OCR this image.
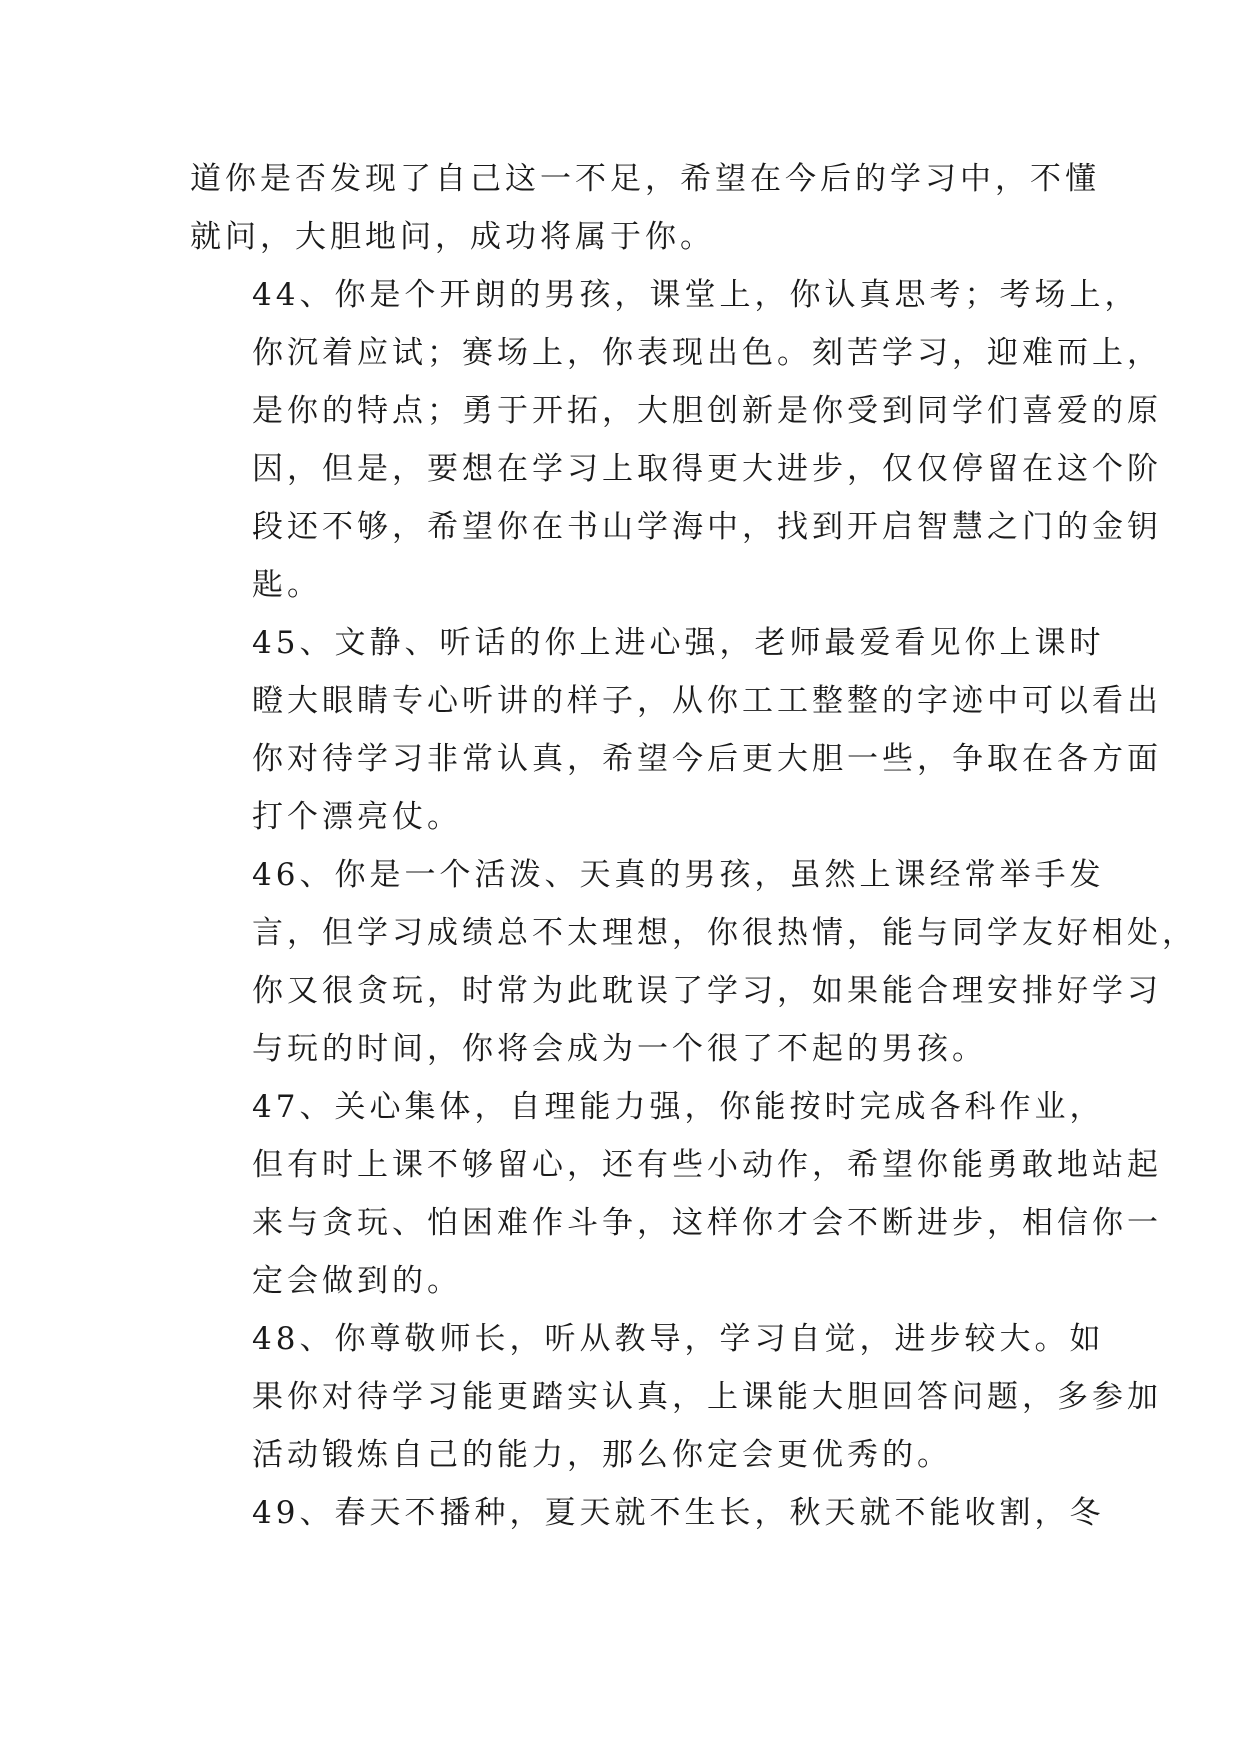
道你是否发现了自己这一不足，希望在今后的学习中，不懂
就问，大胆地问，成功将属于你。

44、你是个开朗的男孩，课堂上，你认真思考；考场上，
你沉着应试；赛场上，你表现出色。刻苦学习，迎难而上，
是你的特点；勇于开拓，大胆创新是你受到同学们喜爱的原
因，但是，要想在学习上取得更大进步，仅仅停留在这个阶
段还不够，希望你在书山学海中，找到开启智慧之门的金钥
匙。

45、文静、听话的你上进心强，老师最爱看见你上课时
瞪大眼睛专心听讲的样子，从你工工整整的字迹中可以看出
你对待学习非常认真，希望今后更大胆一些，争取在各方面
打个漂亮仗。

46、你是一个活泼、天真的男孩，虽然上课经常举手发
言，但学习成绩总不太理想，你很热情，能与同学友好相处，
你又很贪玩，时常为此耽误了学习，如果能合理安排好学习
与玩的时间，你将会成为一个很了不起的男孩。

47、关心集体，自理能力强，你能按时完成各科作业，
但有时上课不够留心，还有些小动作，希望你能勇敢地站起
来与贪玩、怕困难作斗争，这样你才会不断进步，相信你一
定会做到的。

48、你尊敬师长，听从教导，学习自觉，进步较大。如
果你对待学习能更踏实认真，上课能大胆回答问题，多参加
活动锻炼自己的能力，那么你定会更优秀的。

49、春天不播种，夏天就不生长，秋天就不能收割，冬
